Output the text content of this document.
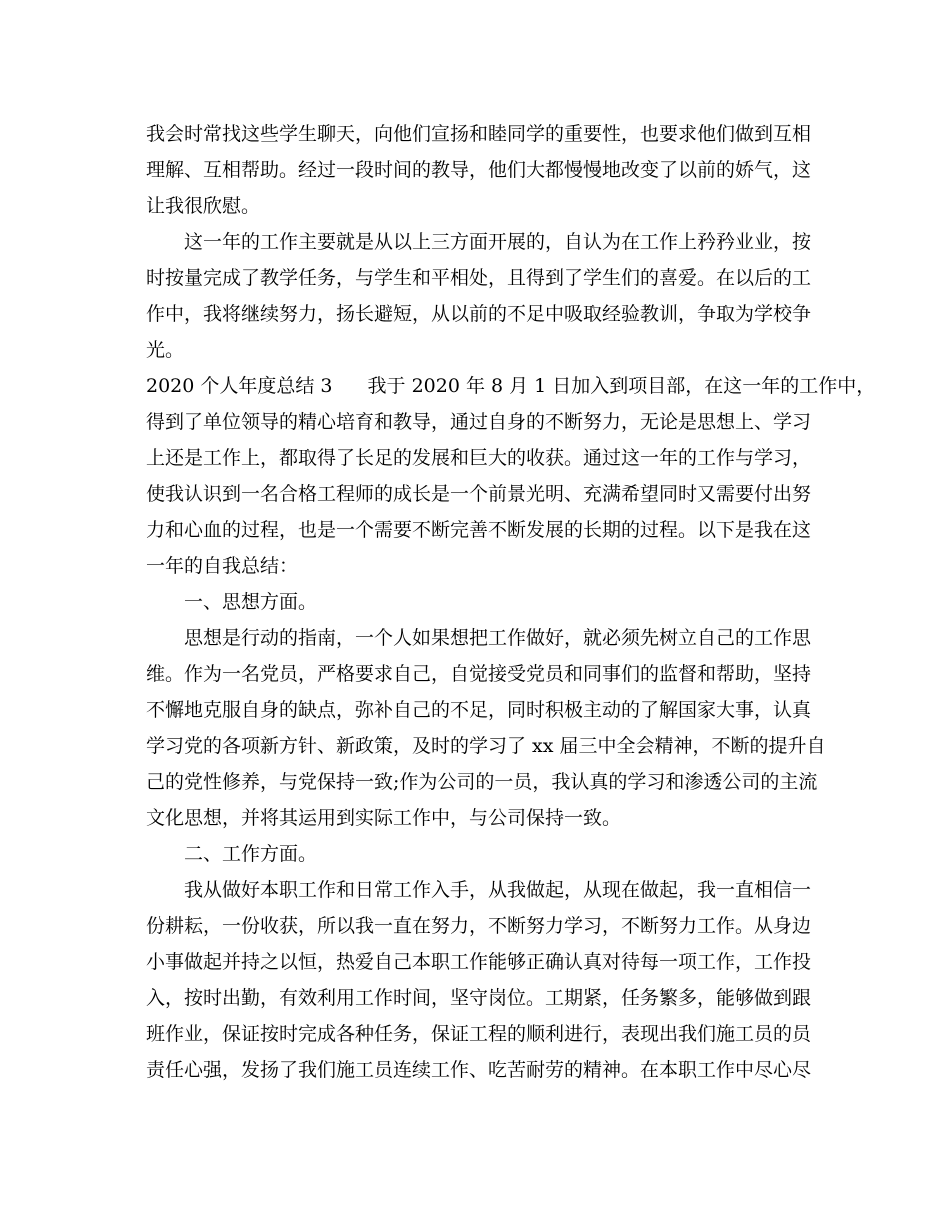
我会时常找这些学生聊天，向他们宣扬和睦同学的重要性，也要求他们做到互相
理解、互相帮助。经过一段时间的教导，他们大都慢慢地改变了以前的娇气，这
让我很欣慰。
这一年的工作主要就是从以上三方面开展的，自认为在工作上矜矜业业，按
时按量完成了教学任务，与学生和平相处，且得到了学生们的喜爱。在以后的工
作中，我将继续努力，扬长避短，从以前的不足中吸取经验教训，争取为学校争
光。
2020 个人年度总结 3 我于 2020 年 8 月 1 日加入到项目部，在这一年的工作中，
得到了单位领导的精心培育和教导，通过自身的不断努力，无论是思想上、学习
上还是工作上，都取得了长足的发展和巨大的收获。通过这一年的工作与学习，
使我认识到一名合格工程师的成长是一个前景光明、充满希望同时又需要付出努
力和心血的过程，也是一个需要不断完善不断发展的长期的过程。以下是我在这
一年的自我总结：
一、思想方面。
思想是行动的指南，一个人如果想把工作做好，就必须先树立自己的工作思
维。作为一名党员，严格要求自己，自觉接受党员和同事们的监督和帮助，坚持
不懈地克服自身的缺点，弥补自己的不足，同时积极主动的了解国家大事，认真
学习党的各项新方针、新政策，及时的学习了 xx 届三中全会精神，不断的提升自
己的党性修养，与党保持一致;作为公司的一员，我认真的学习和渗透公司的主流
文化思想，并将其运用到实际工作中，与公司保持一致。
二、工作方面。
我从做好本职工作和日常工作入手，从我做起，从现在做起，我一直相信一
份耕耘，一份收获，所以我一直在努力，不断努力学习，不断努力工作。从身边
小事做起并持之以恒，热爱自己本职工作能够正确认真对待每一项工作，工作投
入，按时出勤，有效利用工作时间，坚守岗位。工期紧，任务繁多，能够做到跟
班作业，保证按时完成各种任务，保证工程的顺利进行，表现出我们施工员的员
责任心强，发扬了我们施工员连续工作、吃苦耐劳的精神。在本职工作中尽心尽
